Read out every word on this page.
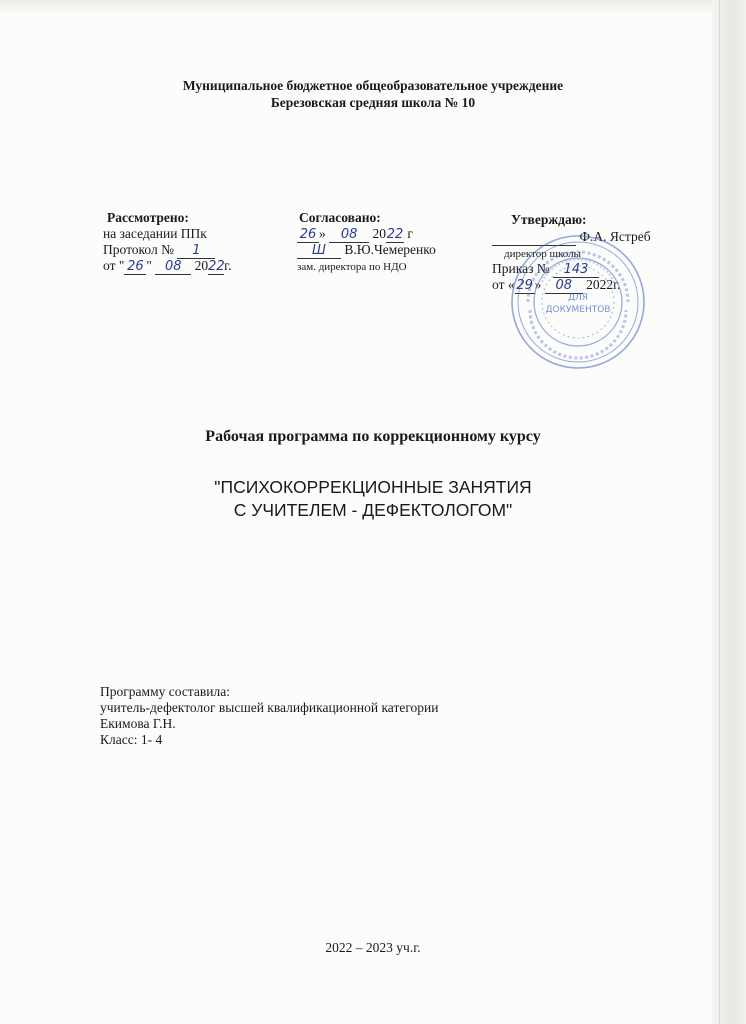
Муниципальное бюджетное общеобразовательное учреждение
Березовская средняя школа № 10
Рассмотрено:
на заседании ППк
Протокол № 1
от " 26 " 08 2022г.
Согласовано:
26 » 08 2022 г
Ш В.Ю.Чемеренко
зам. директора по НДО
Утверждаю:
Ф.А. Ястреб
директор школы
Приказ № 143
от « 29 » 08 2022г.
ДЛЯ
ДОКУМЕНТОВ
Рабочая программа по коррекционному курсу
"ПСИХОКОРРЕКЦИОННЫЕ ЗАНЯТИЯ
С УЧИТЕЛЕМ - ДЕФЕКТОЛОГОМ"
Программу составила:
учитель-дефектолог высшей квалификационной категории
Екимова Г.Н.
Класс: 1- 4
2022 – 2023 уч.г.
